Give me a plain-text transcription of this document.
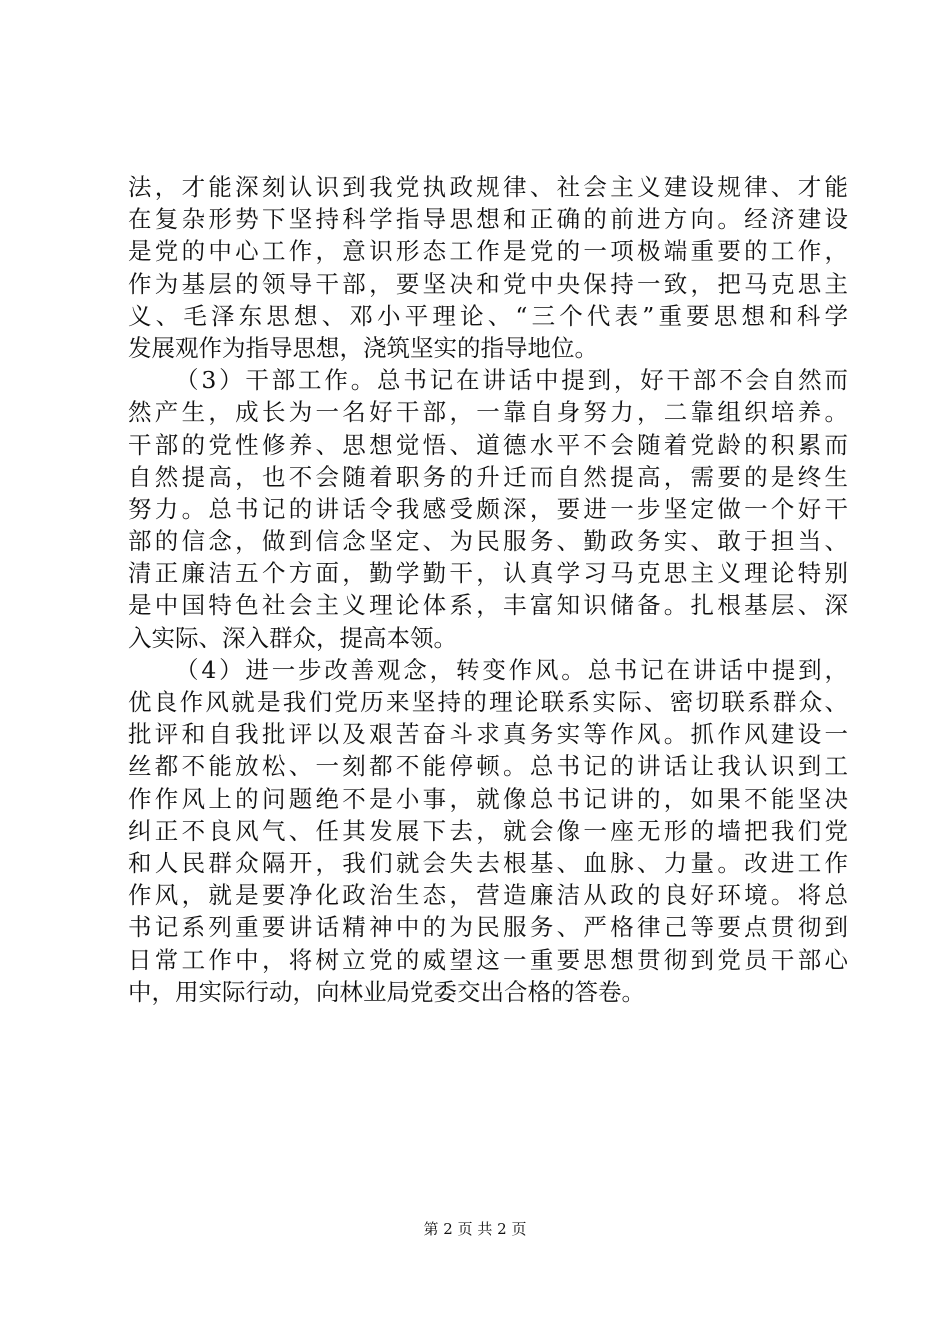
法，才能深刻认识到我党执政规律、社会主义建设规律、才能
在复杂形势下坚持科学指导思想和正确的前进方向。经济建设
是党的中心工作，意识形态工作是党的一项极端重要的工作，
作为基层的领导干部，要坚决和党中央保持一致，把马克思主
义、毛泽东思想、邓小平理论、“三个代表”重要思想和科学
发展观作为指导思想，浇筑坚实的指导地位。
（3）干部工作。总书记在讲话中提到，好干部不会自然而
然产生，成长为一名好干部，一靠自身努力，二靠组织培养。
干部的党性修养、思想觉悟、道德水平不会随着党龄的积累而
自然提高，也不会随着职务的升迁而自然提高，需要的是终生
努力。总书记的讲话令我感受颇深，要进一步坚定做一个好干
部的信念，做到信念坚定、为民服务、勤政务实、敢于担当、
清正廉洁五个方面，勤学勤干，认真学习马克思主义理论特别
是中国特色社会主义理论体系，丰富知识储备。扎根基层、深
入实际、深入群众，提高本领。
（4）进一步改善观念，转变作风。总书记在讲话中提到，
优良作风就是我们党历来坚持的理论联系实际、密切联系群众、
批评和自我批评以及艰苦奋斗求真务实等作风。抓作风建设一
丝都不能放松、一刻都不能停顿。总书记的讲话让我认识到工
作作风上的问题绝不是小事，就像总书记讲的，如果不能坚决
纠正不良风气、任其发展下去，就会像一座无形的墙把我们党
和人民群众隔开，我们就会失去根基、血脉、力量。改进工作
作风，就是要净化政治生态，营造廉洁从政的良好环境。将总
书记系列重要讲话精神中的为民服务、严格律己等要点贯彻到
日常工作中，将树立党的威望这一重要思想贯彻到党员干部心
中，用实际行动，向林业局党委交出合格的答卷。
第 2 页 共 2 页
